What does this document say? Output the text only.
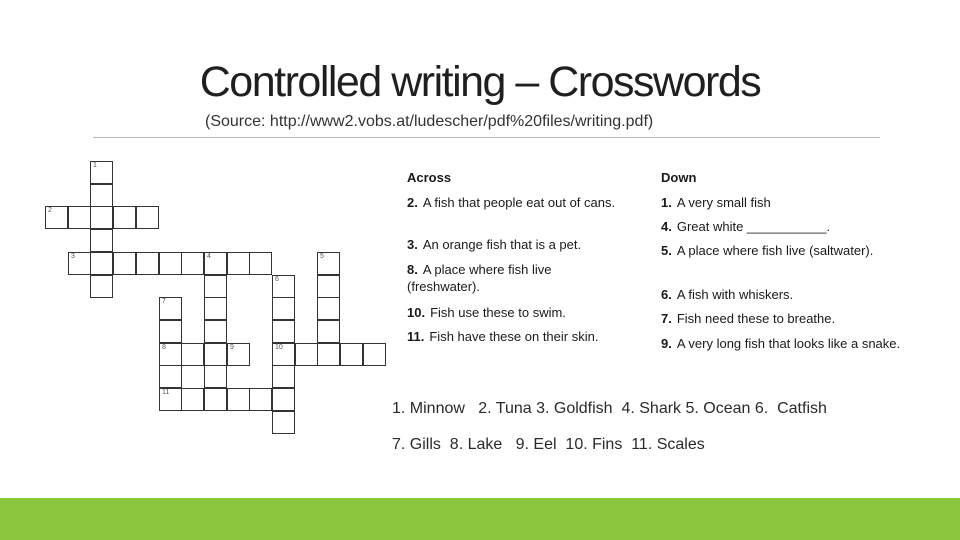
Controlled writing – Crosswords
(Source: http://www2.vobs.at/ludescher/pdf%20files/writing.pdf)
1
2
3	4	5
6
10
7
8
11
9
Across
2. A fish that people eat out of cans.
3. An orange fish that is a pet.
8. A place where fish live (freshwater).
10. Fish use these to swim.
11. Fish have these on their skin.
Down
1. A very small fish
4. Great white ___________.
5. A place where fish live (saltwater).
6. A fish with whiskers.
7. Fish need these to breathe.
9. A very long fish that looks like a snake.
1. Minnow   2. Tuna 3. Goldfish  4. Shark 5. Ocean 6.  Catfish
7. Gills  8. Lake   9. Eel  10. Fins  11. Scales
